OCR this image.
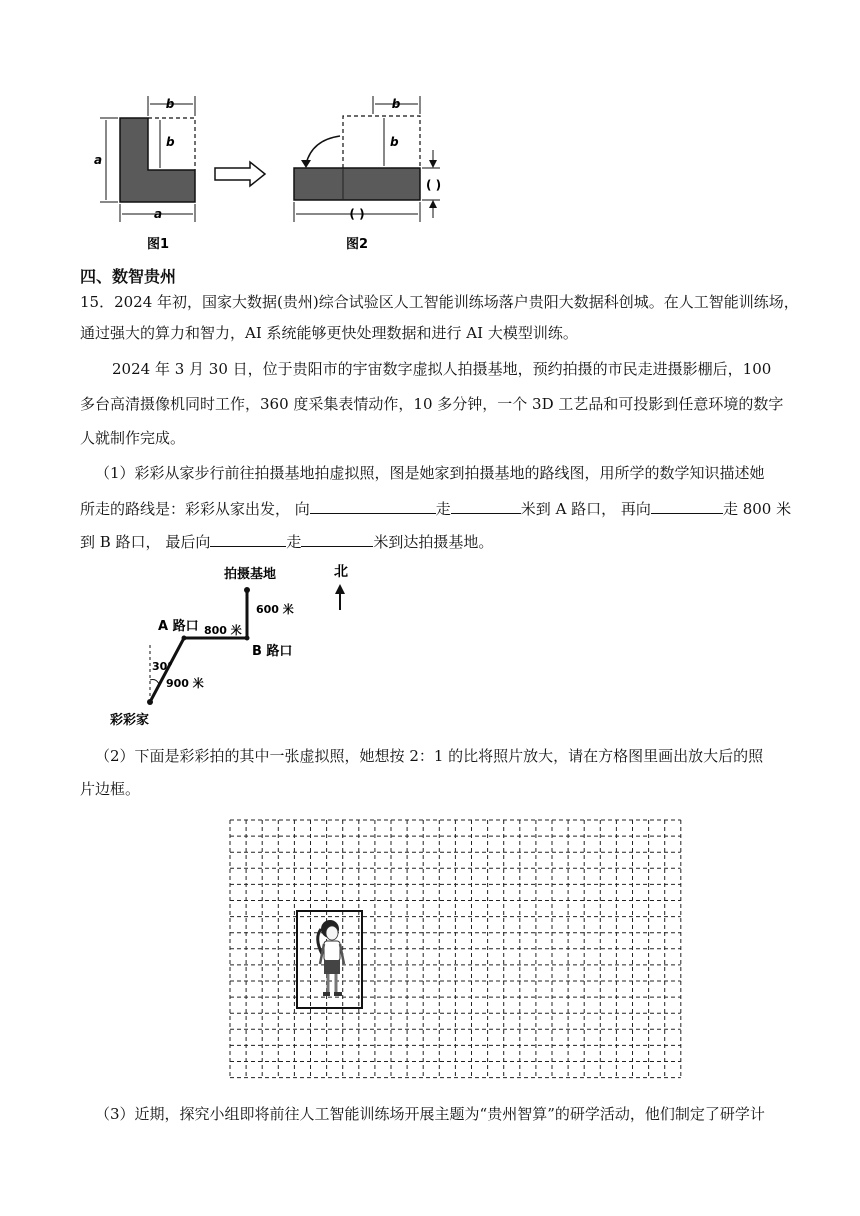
b
b
a
a
图1
b
b
( )
( )
图2
四、数智贵州
15．2024 年初，国家大数据(贵州)综合试验区人工智能训练场落户贵阳大数据科创城。在人工智能训练场，
通过强大的算力和智力，AI 系统能够更快处理数据和进行 AI 大模型训练。
2024 年 3 月 30 日，位于贵阳市的宇宙数字虚拟人拍摄基地，预约拍摄的市民走进摄影棚后，100
多台高清摄像机同时工作，360 度采集表情动作，10 多分钟，一个 3D 工艺品和可投影到任意环境的数字
人就制作完成。
（1）彩彩从家步行前往拍摄基地拍虚拟照，图是她家到拍摄基地的路线图，用所学的数学知识描述她
所走的路线是：彩彩从家出发， 向	走	米到 A 路口， 再向	走 800 米
到 B 路口， 最后向	走	米到达拍摄基地。
拍摄基地	北
600 米
A 路口 800 米
B 路口
30°
900 米
彩彩家
（2）下面是彩彩拍的其中一张虚拟照，她想按 2：1 的比将照片放大，请在方格图里画出放大后的照
片边框。
（3）近期，探究小组即将前往人工智能训练场开展主题为“贵州智算”的研学活动，他们制定了研学计
